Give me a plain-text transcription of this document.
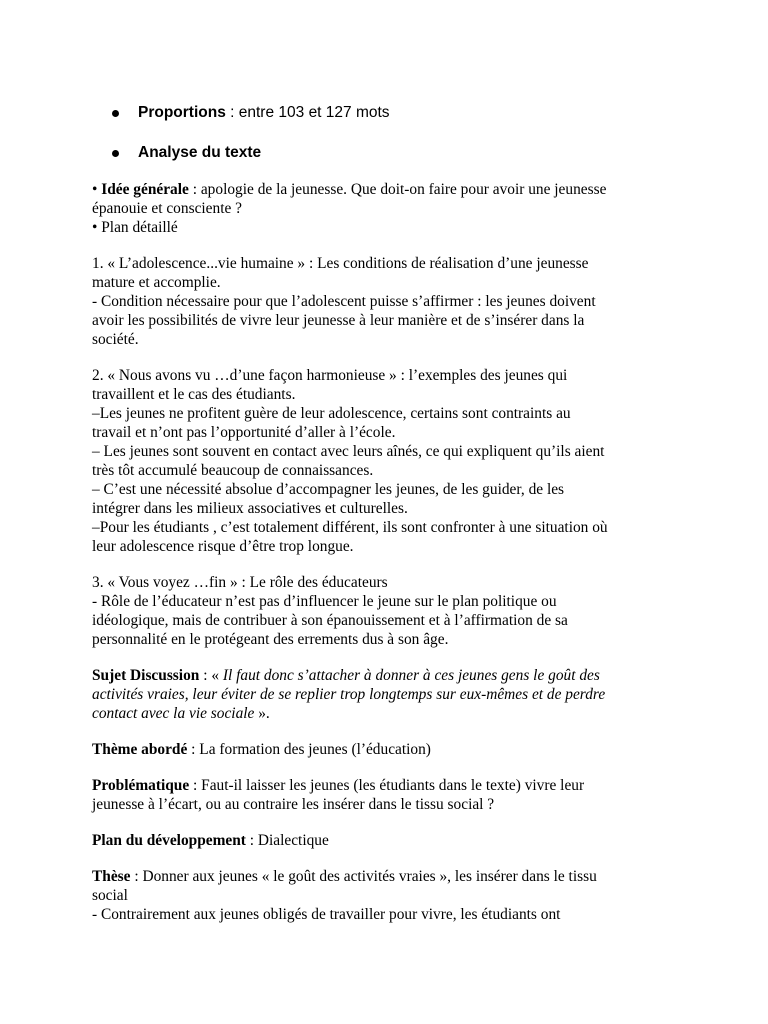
Proportions : entre 103 et 127 mots
Analyse du texte
• Idée générale : apologie de la jeunesse. Que doit-on faire pour avoir une jeunesse
épanouie et consciente ?
• Plan détaillé
1. « L’adolescence...vie humaine » : Les conditions de réalisation d’une jeunesse
mature et accomplie.
- Condition nécessaire pour que l’adolescent puisse s’affirmer : les jeunes doivent
avoir les possibilités de vivre leur jeunesse à leur manière et de s’insérer dans la
société.
2. « Nous avons vu …d’une façon harmonieuse » : l’exemples des jeunes qui
travaillent et le cas des étudiants.
–Les jeunes ne profitent guère de leur adolescence, certains sont contraints au
travail et n’ont pas l’opportunité d’aller à l’école.
– Les jeunes sont souvent en contact avec leurs aînés, ce qui expliquent qu’ils aient
très tôt accumulé beaucoup de connaissances.
– C’est une nécessité absolue d’accompagner les jeunes, de les guider, de les
intégrer dans les milieux associatives et culturelles.
–Pour les étudiants , c’est totalement différent, ils sont confronter à une situation où
leur adolescence risque d’être trop longue.
3. « Vous voyez …fin » : Le rôle des éducateurs
- Rôle de l’éducateur n’est pas d’influencer le jeune sur le plan politique ou
idéologique, mais de contribuer à son épanouissement et à l’affirmation de sa
personnalité en le protégeant des errements dus à son âge.
Sujet Discussion : « Il faut donc s’attacher à donner à ces jeunes gens le goût des
activités vraies, leur éviter de se replier trop longtemps sur eux-mêmes et de perdre
contact avec la vie sociale ».
Thème abordé : La formation des jeunes (l’éducation)
Problématique : Faut-il laisser les jeunes (les étudiants dans le texte) vivre leur
jeunesse à l’écart, ou au contraire les insérer dans le tissu social ?
Plan du développement : Dialectique
Thèse : Donner aux jeunes « le goût des activités vraies », les insérer dans le tissu
social
- Contrairement aux jeunes obligés de travailler pour vivre, les étudiants ont
